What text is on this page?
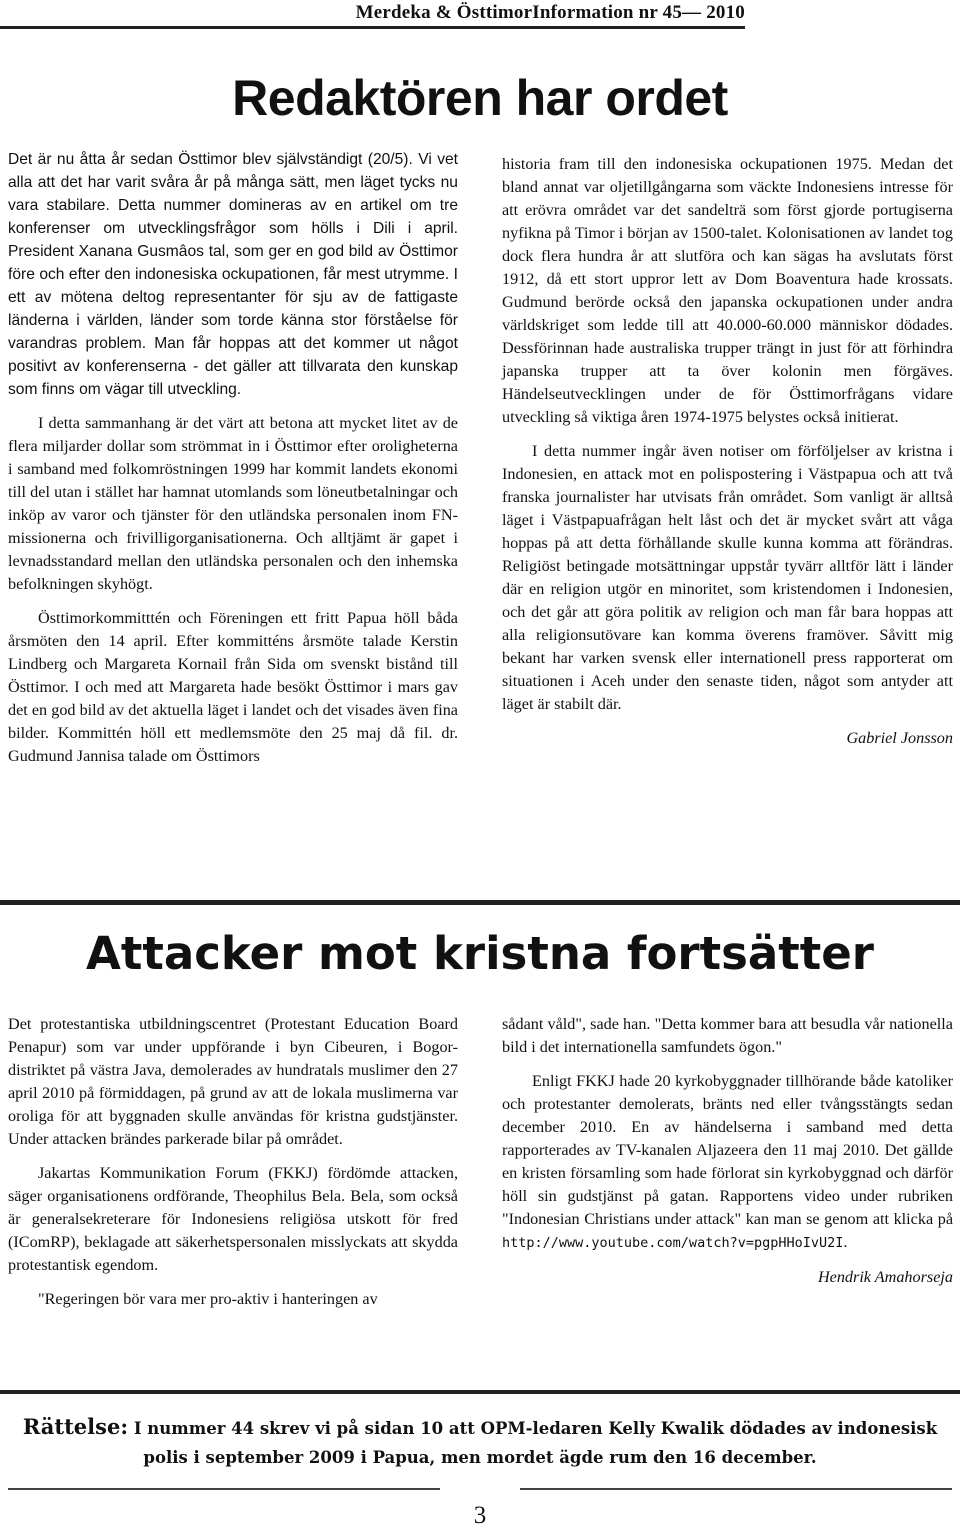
Merdeka & ÖsttimorInformation nr 45— 2010
Redaktören har ordet

Det är nu åtta år sedan Östtimor blev självständigt (20/5). Vi vet alla att det har varit svåra år på många sätt, men läget tycks nu vara stabilare. Detta nummer domineras av en artikel om tre konferenser om utvecklingsfrågor som hölls i Dili i april. President Xanana Gusmâos tal, som ger en god bild av Östtimor före och efter den indonesiska ockupationen, får mest utrymme. I ett av mötena deltog representanter för sju av de fattigaste länderna i världen, länder som torde känna stor förståelse för varandras problem. Man får hoppas att det kommer ut något positivt av konferenserna - det gäller att tillvarata den kunskap som finns om vägar till utveckling.

I detta sammanhang är det värt att betona att mycket litet av de flera miljarder dollar som strömmat in i Östtimor efter oroligheterna i samband med folkomröstningen 1999 har kommit landets ekonomi till del utan i stället har hamnat utomlands som löneutbetalningar och inköp av varor och tjänster för den utländska personalen inom FN-missionerna och frivilligorganisationerna. Och alltjämt är gapet i levnadsstandard mellan den utländska personalen och den inhemska befolkningen skyhögt.

Östtimorkommitttén och Föreningen ett fritt Papua höll båda årsmöten den 14 april. Efter kommitténs årsmöte talade Kerstin Lindberg och Margareta Kornail från Sida om svenskt bistånd till Östtimor. I och med att Margareta hade besökt Östtimor i mars gav det en god bild av det aktuella läget i landet och det visades även fina bilder. Kommittén höll ett medlemsmöte den 25 maj då fil. dr. Gudmund Jannisa talade om Östtimors

historia fram till den indonesiska ockupationen 1975. Medan det bland annat var oljetillgångarna som väckte Indonesiens intresse för att erövra området var det sandelträ som först gjorde portugiserna nyfikna på Timor i början av 1500-talet. Kolonisationen av landet tog dock flera hundra år att slutföra och kan sägas ha avslutats först 1912, då ett stort uppror lett av Dom Boaventura hade krossats. Gudmund berörde också den japanska ockupationen under andra världskriget som ledde till att 40.000-60.000 människor dödades. Dessförinnan hade australiska trupper trängt in just för att förhindra japanska trupper att ta över kolonin men förgäves. Händelseutvecklingen under de för Östtimorfrågans vidare utveckling så viktiga åren 1974-1975 belystes också initierat.

I detta nummer ingår även notiser om förföljelser av kristna i Indonesien, en attack mot en polispostering i Västpapua och att två franska journalister har utvisats från området. Som vanligt är alltså läget i Västpapuafrågan helt låst och det är mycket svårt att våga hoppas på att detta förhållande skulle kunna komma att förändras. Religiöst betingade motsättningar uppstår tyvärr alltför lätt i länder där en religion utgör en minoritet, som kristendomen i Indonesien, och det går att göra politik av religion och man får bara hoppas att alla religionsutövare kan komma överens framöver. Såvitt mig bekant har varken svensk eller internationell press rapporterat om situationen i Aceh under den senaste tiden, något som antyder att läget är stabilt där.

Gabriel Jonsson
Attacker mot kristna fortsätter

Det protestantiska utbildningscentret (Protestant Education Board Penapur) som var under uppförande i byn Cibeuren, i Bogor-distriktet på västra Java, demolerades av hundratals muslimer den 27 april 2010 på förmiddagen, på grund av att de lokala muslimerna var oroliga för att byggnaden skulle användas för kristna gudstjänster. Under attacken brändes parkerade bilar på området.

Jakartas Kommunikation Forum (FKKJ) fördömde attacken, säger organisationens ordförande, Theophilus Bela. Bela, som också är generalsekreterare för Indonesiens religiösa utskott för fred (IComRP), beklagade att säkerhetspersonalen misslyckats att skydda protestantisk egendom.

"Regeringen bör vara mer pro-aktiv i hanteringen av

sådant våld", sade han. "Detta kommer bara att besudla vår nationella bild i det internationella samfundets ögon."

Enligt FKKJ hade 20 kyrkobyggnader tillhörande både katoliker och protestanter demolerats, bränts ned eller tvångsstängts sedan december 2010. En av händelserna i samband med detta rapporterades av TV-kanalen Aljazeera den 11 maj 2010. Det gällde en kristen församling som hade förlorat sin kyrkobyggnad och därför höll sin gudstjänst på gatan. Rapportens video under rubriken "Indonesian Christians under attack" kan man se genom att klicka på http://www.youtube.com/watch?v=pgpHHoIvU2I.

Hendrik Amahorseja
Rättelse: I nummer 44 skrev vi på sidan 10 att OPM-ledaren Kelly Kwalik dödades av indonesisk polis i september 2009 i Papua, men mordet ägde rum den 16 december.
3
